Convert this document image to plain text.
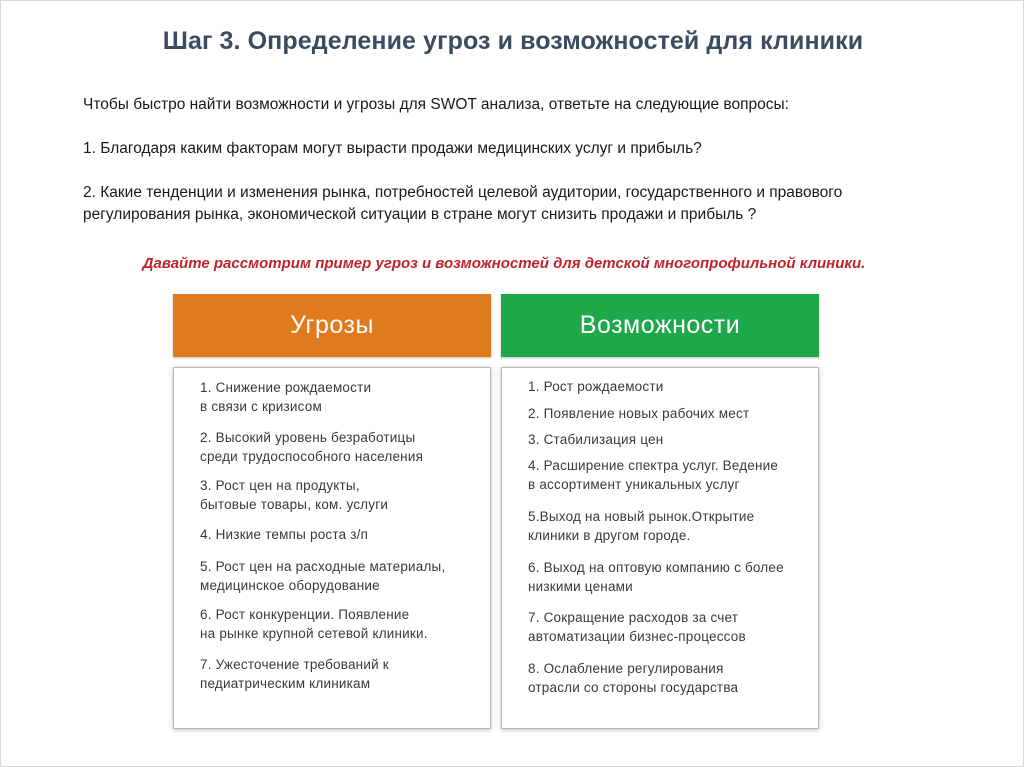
Шаг 3. Определение угроз и возможностей для клиники
Чтобы быстро найти возможности и угрозы для SWOT анализа, ответьте на следующие вопросы:
1. Благодаря каким факторам могут вырасти продажи медицинских услуг и прибыль?
2. Какие тенденции и изменения рынка, потребностей целевой аудитории, государственного и правового
регулирования рынка, экономической ситуации в стране могут снизить продажи и прибыль ?
Давайте рассмотрим пример угроз и возможностей для детской многопрофильной клиники.
Угрозы
1. Снижение рождаемости
в связи с кризисом
2. Высокий уровень безработицы
среди трудоспособного населения
3. Рост цен на продукты,
бытовые товары, ком. услуги
4. Низкие темпы роста з/п
5. Рост цен на расходные материалы,
медицинское оборудование
6. Рост конкуренции. Появление
на рынке крупной сетевой клиники.
7. Ужесточение требований к
педиатрическим клиникам
Возможности
1. Рост рождаемости
2. Появление новых рабочих мест
3. Стабилизация цен
4. Расширение спектра услуг. Ведение
в ассортимент уникальных услуг
5.Выход на новый рынок.Открытие
клиники в другом городе.
6. Выход на оптовую компанию с более
низкими ценами
7. Сокращение расходов за счет
автоматизации бизнес-процессов
8. Ослабление регулирования
отрасли со стороны государства
